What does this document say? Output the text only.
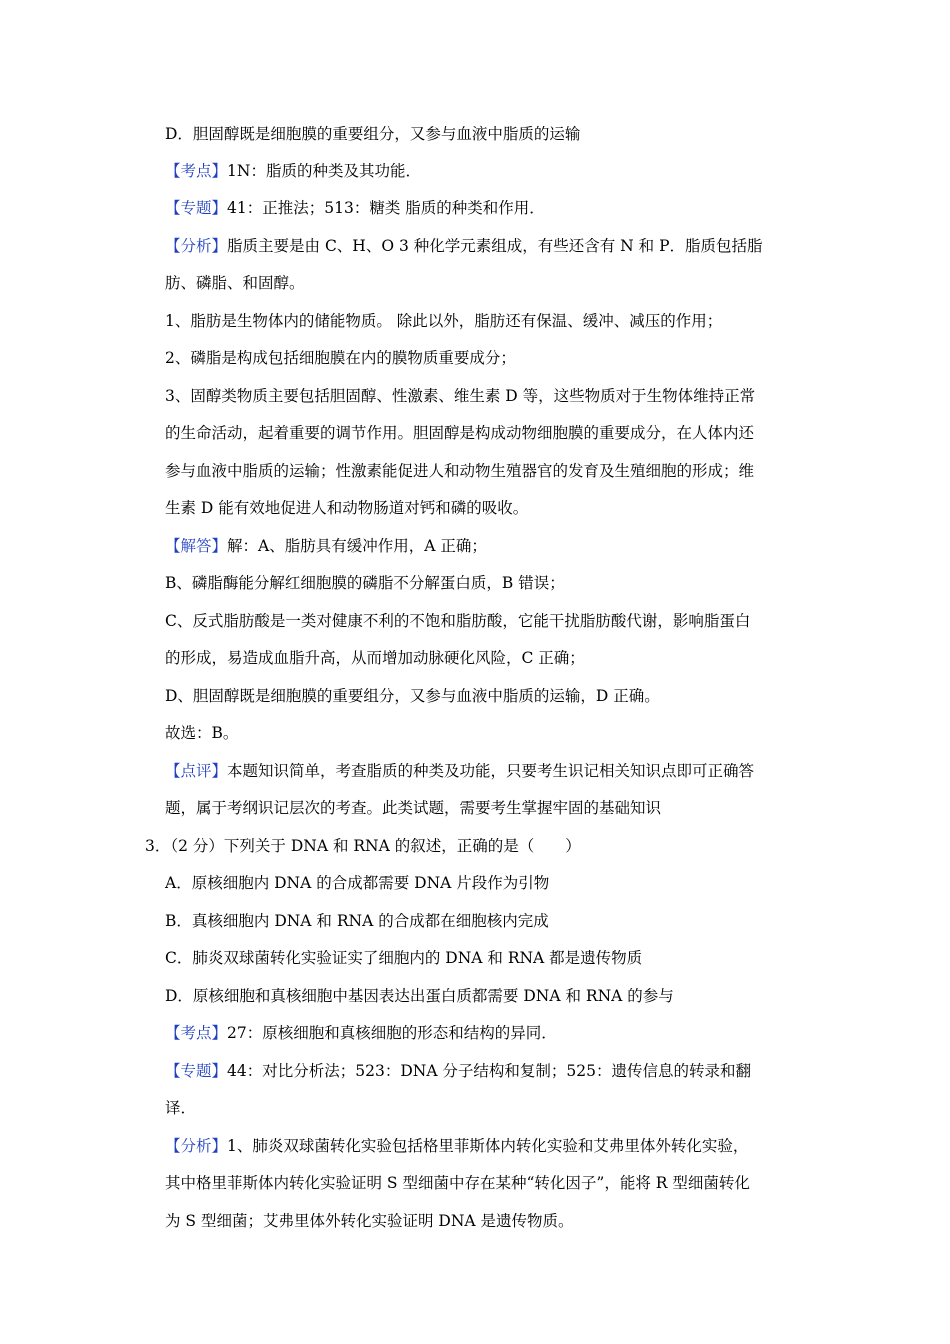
D．胆固醇既是细胞膜的重要组分，又参与血液中脂质的运输
【考点】1N：脂质的种类及其功能．
【专题】41：正推法；513：糖类 脂质的种类和作用．
【分析】脂质主要是由 C、H、O 3 种化学元素组成，有些还含有 N 和 P．脂质包括脂
肪、磷脂、和固醇。
1、脂肪是生物体内的储能物质。 除此以外，脂肪还有保温、缓冲、减压的作用；
2、磷脂是构成包括细胞膜在内的膜物质重要成分；
3、固醇类物质主要包括胆固醇、性激素、维生素 D 等，这些物质对于生物体维持正常
的生命活动，起着重要的调节作用。胆固醇是构成动物细胞膜的重要成分，在人体内还
参与血液中脂质的运输；性激素能促进人和动物生殖器官的发育及生殖细胞的形成；维
生素 D 能有效地促进人和动物肠道对钙和磷的吸收。
【解答】解：A、脂肪具有缓冲作用，A 正确；
B、磷脂酶能分解红细胞膜的磷脂不分解蛋白质，B 错误；
C、反式脂肪酸是一类对健康不利的不饱和脂肪酸，它能干扰脂肪酸代谢，影响脂蛋白
的形成，易造成血脂升高，从而增加动脉硬化风险，C 正确；
D、胆固醇既是细胞膜的重要组分，又参与血液中脂质的运输，D 正确。
故选：B。
【点评】本题知识简单，考查脂质的种类及功能，只要考生识记相关知识点即可正确答
题，属于考纲识记层次的考查。此类试题，需要考生掌握牢固的基础知识
3．（2 分）下列关于 DNA 和 RNA 的叙述，正确的是（　　）
A．原核细胞内 DNA 的合成都需要 DNA 片段作为引物
B．真核细胞内 DNA 和 RNA 的合成都在细胞核内完成
C．肺炎双球菌转化实验证实了细胞内的 DNA 和 RNA 都是遗传物质
D．原核细胞和真核细胞中基因表达出蛋白质都需要 DNA 和 RNA 的参与
【考点】27：原核细胞和真核细胞的形态和结构的异同．
【专题】44：对比分析法；523：DNA 分子结构和复制；525：遗传信息的转录和翻
译．
【分析】1、肺炎双球菌转化实验包括格里菲斯体内转化实验和艾弗里体外转化实验，
其中格里菲斯体内转化实验证明 S 型细菌中存在某种“转化因子”，能将 R 型细菌转化
为 S 型细菌；艾弗里体外转化实验证明 DNA 是遗传物质。
